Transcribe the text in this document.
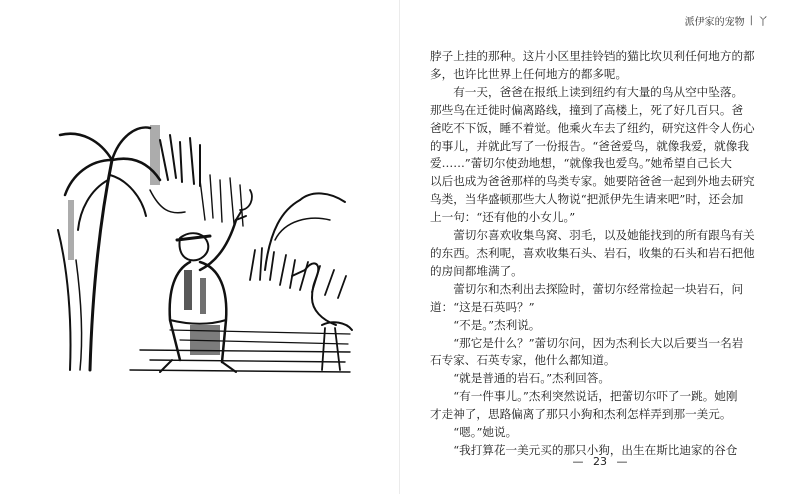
派伊家的宠物 | 丫

脖子上挂的那种。这片小区里挂铃铛的猫比坎贝利任何地方的都

多，也许比世界上任何地方的都多呢。

　　有一天，爸爸在报纸上读到纽约有大量的鸟从空中坠落。

那些鸟在迁徙时偏离路线，撞到了高楼上，死了好几百只。爸

爸吃不下饭，睡不着觉。他乘火车去了纽约，研究这件令人伤心

的事儿，并就此写了一份报告。“爸爸爱鸟，就像我爱，就像我

爱……”蕾切尔使劲地想，“就像我也爱鸟。”她希望自己长大

以后也成为爸爸那样的鸟类专家。她要陪爸爸一起到外地去研究

鸟类，当华盛顿那些大人物说“把派伊先生请来吧”时，还会加

上一句：“还有他的小女儿。”

　　蕾切尔喜欢收集鸟窝、羽毛，以及她能找到的所有跟鸟有关

的东西。杰利呢，喜欢收集石头、岩石，收集的石头和岩石把他

的房间都堆满了。

　　蕾切尔和杰利出去探险时，蕾切尔经常捡起一块岩石，问

道：“这是石英吗？”

　　“不是。”杰利说。

　　“那它是什么？”蕾切尔问，因为杰利长大以后要当一名岩

石专家、石英专家，他什么都知道。

　　“就是普通的岩石。”杰利回答。

　　“有一件事儿。”杰利突然说话，把蕾切尔吓了一跳。她刚

才走神了，思路偏离了那只小狗和杰利怎样弄到那一美元。

　　“嗯。”她说。

　　“我打算花一美元买的那只小狗，出生在斯比迪家的谷仓

— 23 —
